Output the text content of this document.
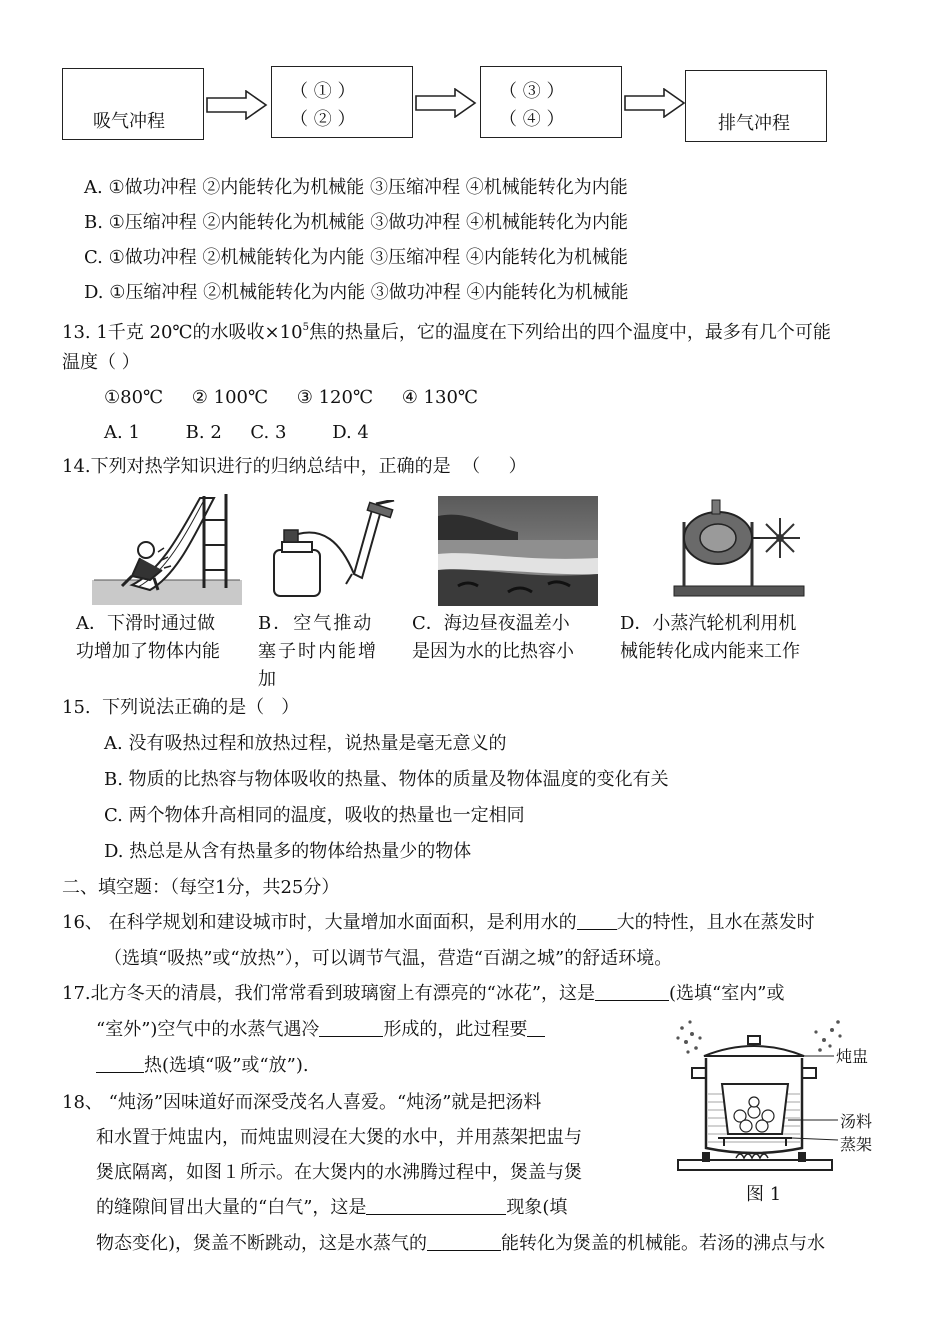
吸气冲程
（ ① ）
（ ② ）
（ ③ ）
（ ④ ）	排气冲程
A. ①做功冲程 ②内能转化为机械能 ③压缩冲程 ④机械能转化为内能
B. ①压缩冲程 ②内能转化为机械能 ③做功冲程 ④机械能转化为内能
C. ①做功冲程 ②机械能转化为内能 ③压缩冲程 ④内能转化为机械能
D. ①压缩冲程 ②机械能转化为内能 ③做功冲程 ④内能转化为机械能
13. 1千克 20℃的水吸收$\times 10^5$焦的热量后，它的温度在下列给出的四个温度中，最多有几个可能
温度（ ）
①80℃     ② 100℃     ③ 120℃     ④ 130℃
A. 1        B. 2     C. 3        D. 4
14.下列对热学知识进行的归纳总结中，正确的是  （     ）
A．下滑时通过做
功增加了物体内能
B．空气推动
塞子时内能增
加
C．海边昼夜温差小
是因为水的比热容小
D．小蒸汽轮机利用机
械能转化成内能来工作
15.  下列说法正确的是（   ）
A. 没有吸热过程和放热过程，说热量是毫无意义的
B. 物质的比热容与物体吸收的热量、物体的质量及物体温度的变化有关
C. 两个物体升高相同的温度，吸收的热量也一定相同
D. 热总是从含有热量多的物体给热量少的物体
二、填空题：（每空1分，共25分）
16、 在科学规划和建设城市时，大量增加水面面积，是利用水的 大的特性，且水在蒸发时
（选填“吸热”或“放热”），可以调节气温，营造“百湖之城”的舒适环境。
17.北方冬天的清晨，我们常常看到玻璃窗上有漂亮的“冰花”，这是	(选填“室内”或
“室外”)空气中的水蒸气遇冷	形成的，此过程要
热(选填“吸”或“放”).
18、 “炖汤”因味道好而深受茂名人喜爱。“炖汤”就是把汤料
和水置于炖盅内，而炖盅则浸在大煲的水中，并用蒸架把盅与
煲底隔离，如图１所示。在大煲内的水沸腾过程中，煲盖与煲
的缝隙间冒出大量的“白气”，这是	现象(填
物态变化)，煲盖不断跳动，这是水蒸气的	能转化为煲盖的机械能。若汤的沸点与水
炖盅
汤料
蒸架
图 1
